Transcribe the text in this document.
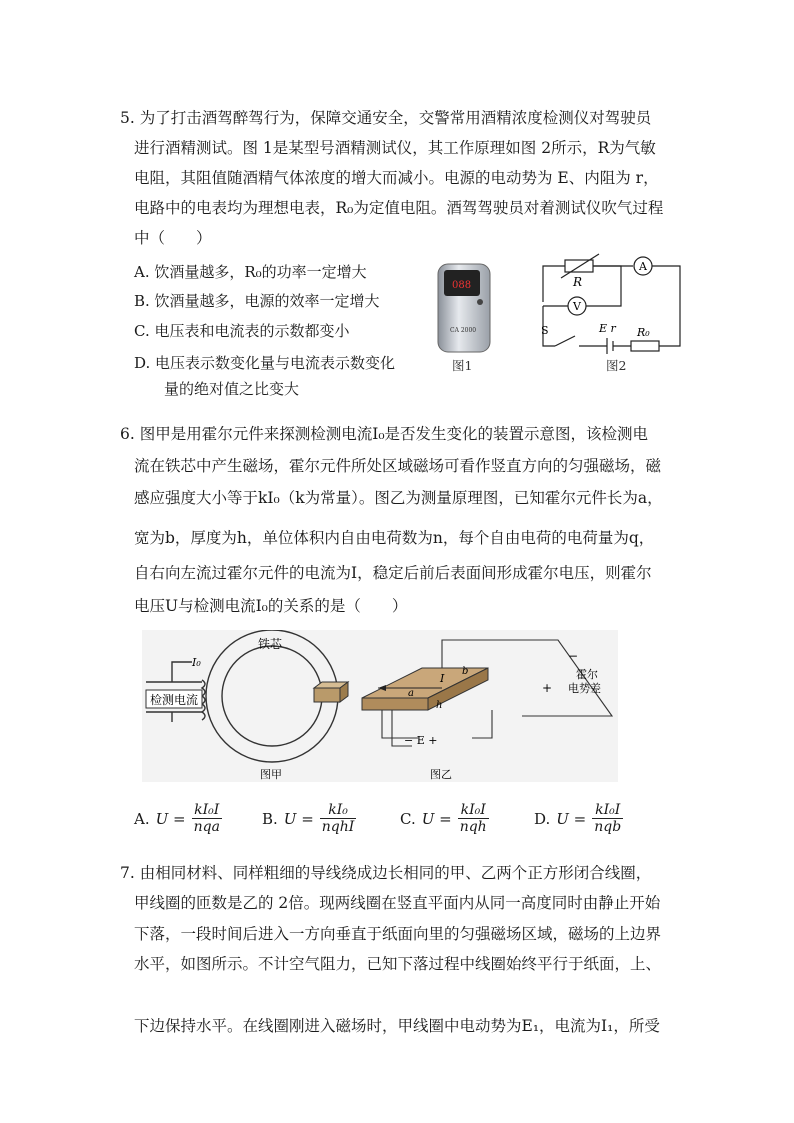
5. 为了打击酒驾醉驾行为，保障交通安全，交警常用酒精浓度检测仪对驾驶员
进行酒精测试。图 1是某型号酒精测试仪，其工作原理如图 2所示，R为气敏
电阻，其阻值随酒精气体浓度的增大而减小。电源的电动势为 E、内阻为 r，
电路中的电表均为理想电表，R₀为定值电阻。酒驾驾驶员对着测试仪吹气过程
中（　　）
A. 饮酒量越多，R₀的功率一定增大
B. 饮酒量越多，电源的效率一定增大
C. 电压表和电流表的示数都变小
D. 电压表示数变化量与电流表示数变化
量的绝对值之比变大
088
CA 2000
图1
R
A
V
S	E r R₀
图2
6. 图甲是用霍尔元件来探测检测电流I₀是否发生变化的装置示意图，该检测电
流在铁芯中产生磁场，霍尔元件所处区域磁场可看作竖直方向的匀强磁场，磁
感应强度大小等于kI₀（k为常量）。图乙为测量原理图，已知霍尔元件长为a，
宽为b，厚度为h，单位体积内自由电荷数为n，每个自由电荷的电荷量为q，
自右向左流过霍尔元件的电流为I，稳定后前后表面间形成霍尔电压，则霍尔
电压U与检测电流I₀的关系的是（　　）
检测电流
I₀
铁芯
图甲
I
b
a
h
−
+
霍尔
电势差
− E +
图乙
A. $U = \frac{\text{kI₀I}}{\text{nqa}}$	B. $U = \frac{\text{kI₀}}{\text{nqhI}}$	C. $U = \frac{\text{kI₀I}}{\text{nqh}}$	D. $U = \frac{\text{kI₀I}}{\text{nqb}}$
7. 由相同材料、同样粗细的导线绕成边长相同的甲、乙两个正方形闭合线圈，
甲线圈的匝数是乙的 2倍。现两线圈在竖直平面内从同一高度同时由静止开始
下落，一段时间后进入一方向垂直于纸面向里的匀强磁场区域，磁场的上边界
水平，如图所示。不计空气阻力，已知下落过程中线圈始终平行于纸面，上、
下边保持水平。在线圈刚进入磁场时，甲线圈中电动势为E₁，电流为I₁，所受
